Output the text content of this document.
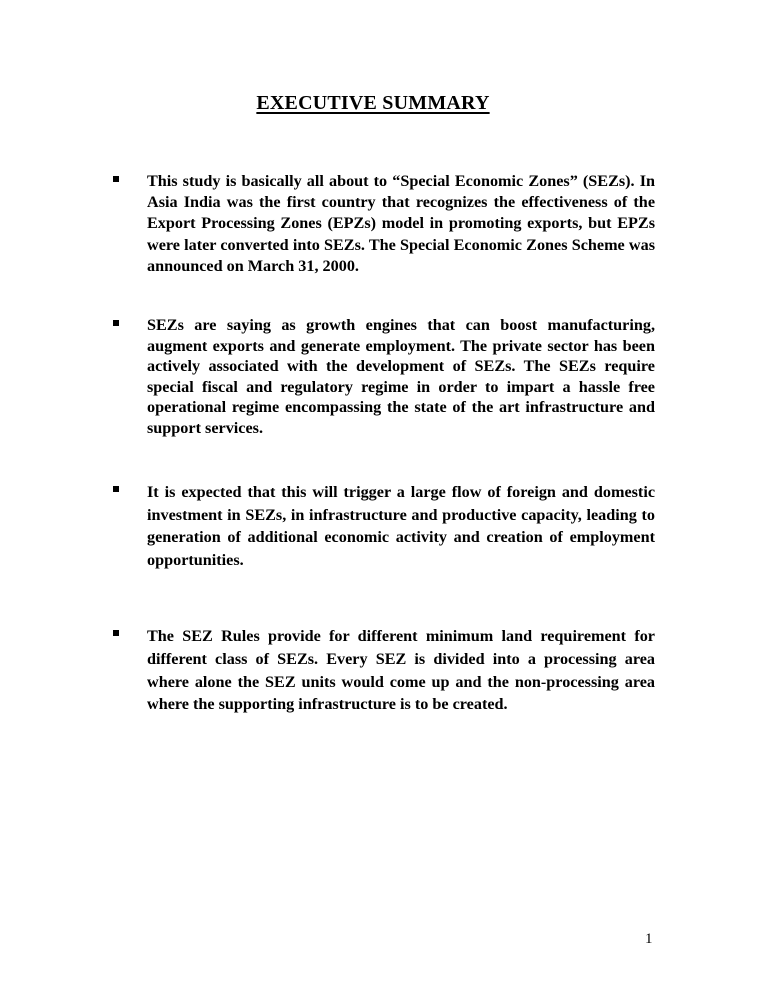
EXECUTIVE SUMMARY

This study is basically all about to “Special Economic Zones” (SEZs). In Asia India was the first country that recognizes the effectiveness of the Export Processing Zones (EPZs) model in promoting exports, but EPZs were later converted into SEZs. The Special Economic Zones Scheme was announced on March 31, 2000.

SEZs are saying as growth engines that can boost manufacturing, augment exports and generate employment. The private sector has been actively associated with the development of SEZs. The SEZs require special fiscal and regulatory regime in order to impart a hassle free operational regime encompassing the state of the art infrastructure and support services.

It is expected that this will trigger a large flow of foreign and domestic investment in SEZs, in infrastructure and productive capacity, leading to generation of additional economic activity and creation of employment opportunities.

The SEZ Rules provide for different minimum land requirement for different class of SEZs. Every SEZ is divided into a processing area where alone the SEZ units would come up and the non-processing area where the supporting infrastructure is to be created.

1
